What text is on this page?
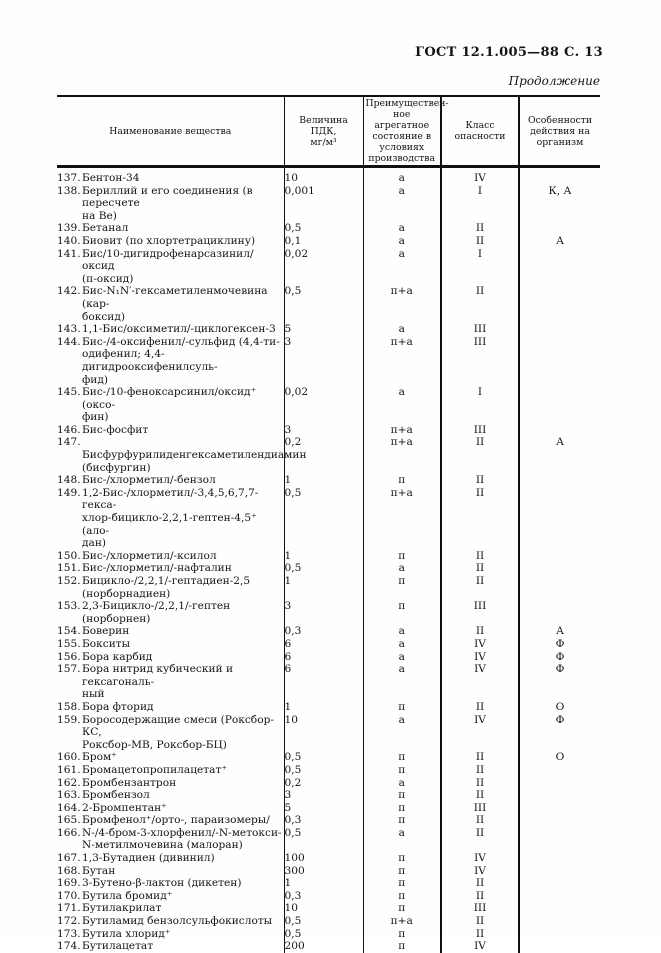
ГОСТ 12.1.005—88 С. 13
Продолжение
Наименование вещества	Величина ПДК,
мг/м³	Преимуществен-
ное агрегатное
состояние в
условиях
производства	Класс опасности	Особенности
действия на
организм

137.Бентон-34	10	а	IV	

138.Бериллий и его соединения (в пересчете
на Ве)	0,001	а	I	К, А

139.Бетанал	0,5	а	II	

140.Биовит (по хлортетрациклину)	0,1	а	II	А

141.Бис/10-дигидрофенарсазинил/оксид
(п-оксид)	0,02	а	I	

142.Бис-N₁N′-гексаметиленмочевина (кар-
боксид)	0,5	п+а	II	

143.1,1-Бис/оксиметил/-циклогексен-3	5	а	III	

144.Бис-/4-оксифенил/-сульфид (4,4-ти-
одифенил; 4,4-дигидрооксифенилсуль-
фид)	3	п+а	III	

145.Бис-/10-феноксарсинил/оксид⁺ (оксо-
фин)	0,02	а	I	

146.Бис-фосфит	3	п+а	III	

147.Бисфурфурилиденгексаметилендиамин
(бисфургин)	0,2	п+а	II	А

148.Бис-/хлорметил/-бензол	1	п	II	

149.1,2-Бис-/хлорметил/-3,4,5,6,7,7-гекса-
хлор-бицикло-2,2,1-гептен-4,5⁺ (ало-
дан)	0,5	п+а	II	

150.Бис-/хлорметил/-ксилол	1	п	II	

151.Бис-/хлорметил/-нафталин	0,5	а	II	

152.Бицикло-/2,2,1/-гептадиен-2,5
(норборнадиен)	1	п	II	

153.2,3-Бицикло-/2,2,1/-гептен
(норборнен)	3	п	III	

154.Боверин	0,3	а	II	А

155.Бокситы	6	а	IV	Ф

156.Бора карбид	6	а	IV	Ф

157.Бора нитрид кубический и гексагональ-
ный	6	а	IV	Ф

158.Бора фторид	1	п	II	О

159.Боросодержащие смеси (Роксбор-КС,
Роксбор-МВ, Роксбор-БЦ)	10	а	IV	Ф

160.Бром⁺	0,5	п	II	О

161.Бромацетопропилацетат⁺	0,5	п	II	

162.Бромбензантрон	0,2	а	II	

163.Бромбензол	3	п	II	

164.2-Бромпентан⁺	5	п	III	

165.Бромфенол⁺/орто-, параизомеры/	0,3	п	II	

166.N-/4-бром-3-хлорфенил/-N-метокси-
N-метилмочевина (малоран)	0,5	а	II	

167.1,3-Бутадиен (дивинил)	100	п	IV	

168.Бутан	300	п	IV	

169.3-Бутено-β-лактон (дикетен)	1	п	II	

170.Бутила бромид⁺	0,3	п	II	

171.Бутилакрилат	10	п	III	

172.Бутиламид бензолсульфокислоты	0,5	п+а	II	

173.Бутила хлорид⁺	0,5	п	II	

174.Бутилацетат	200	п	IV	
